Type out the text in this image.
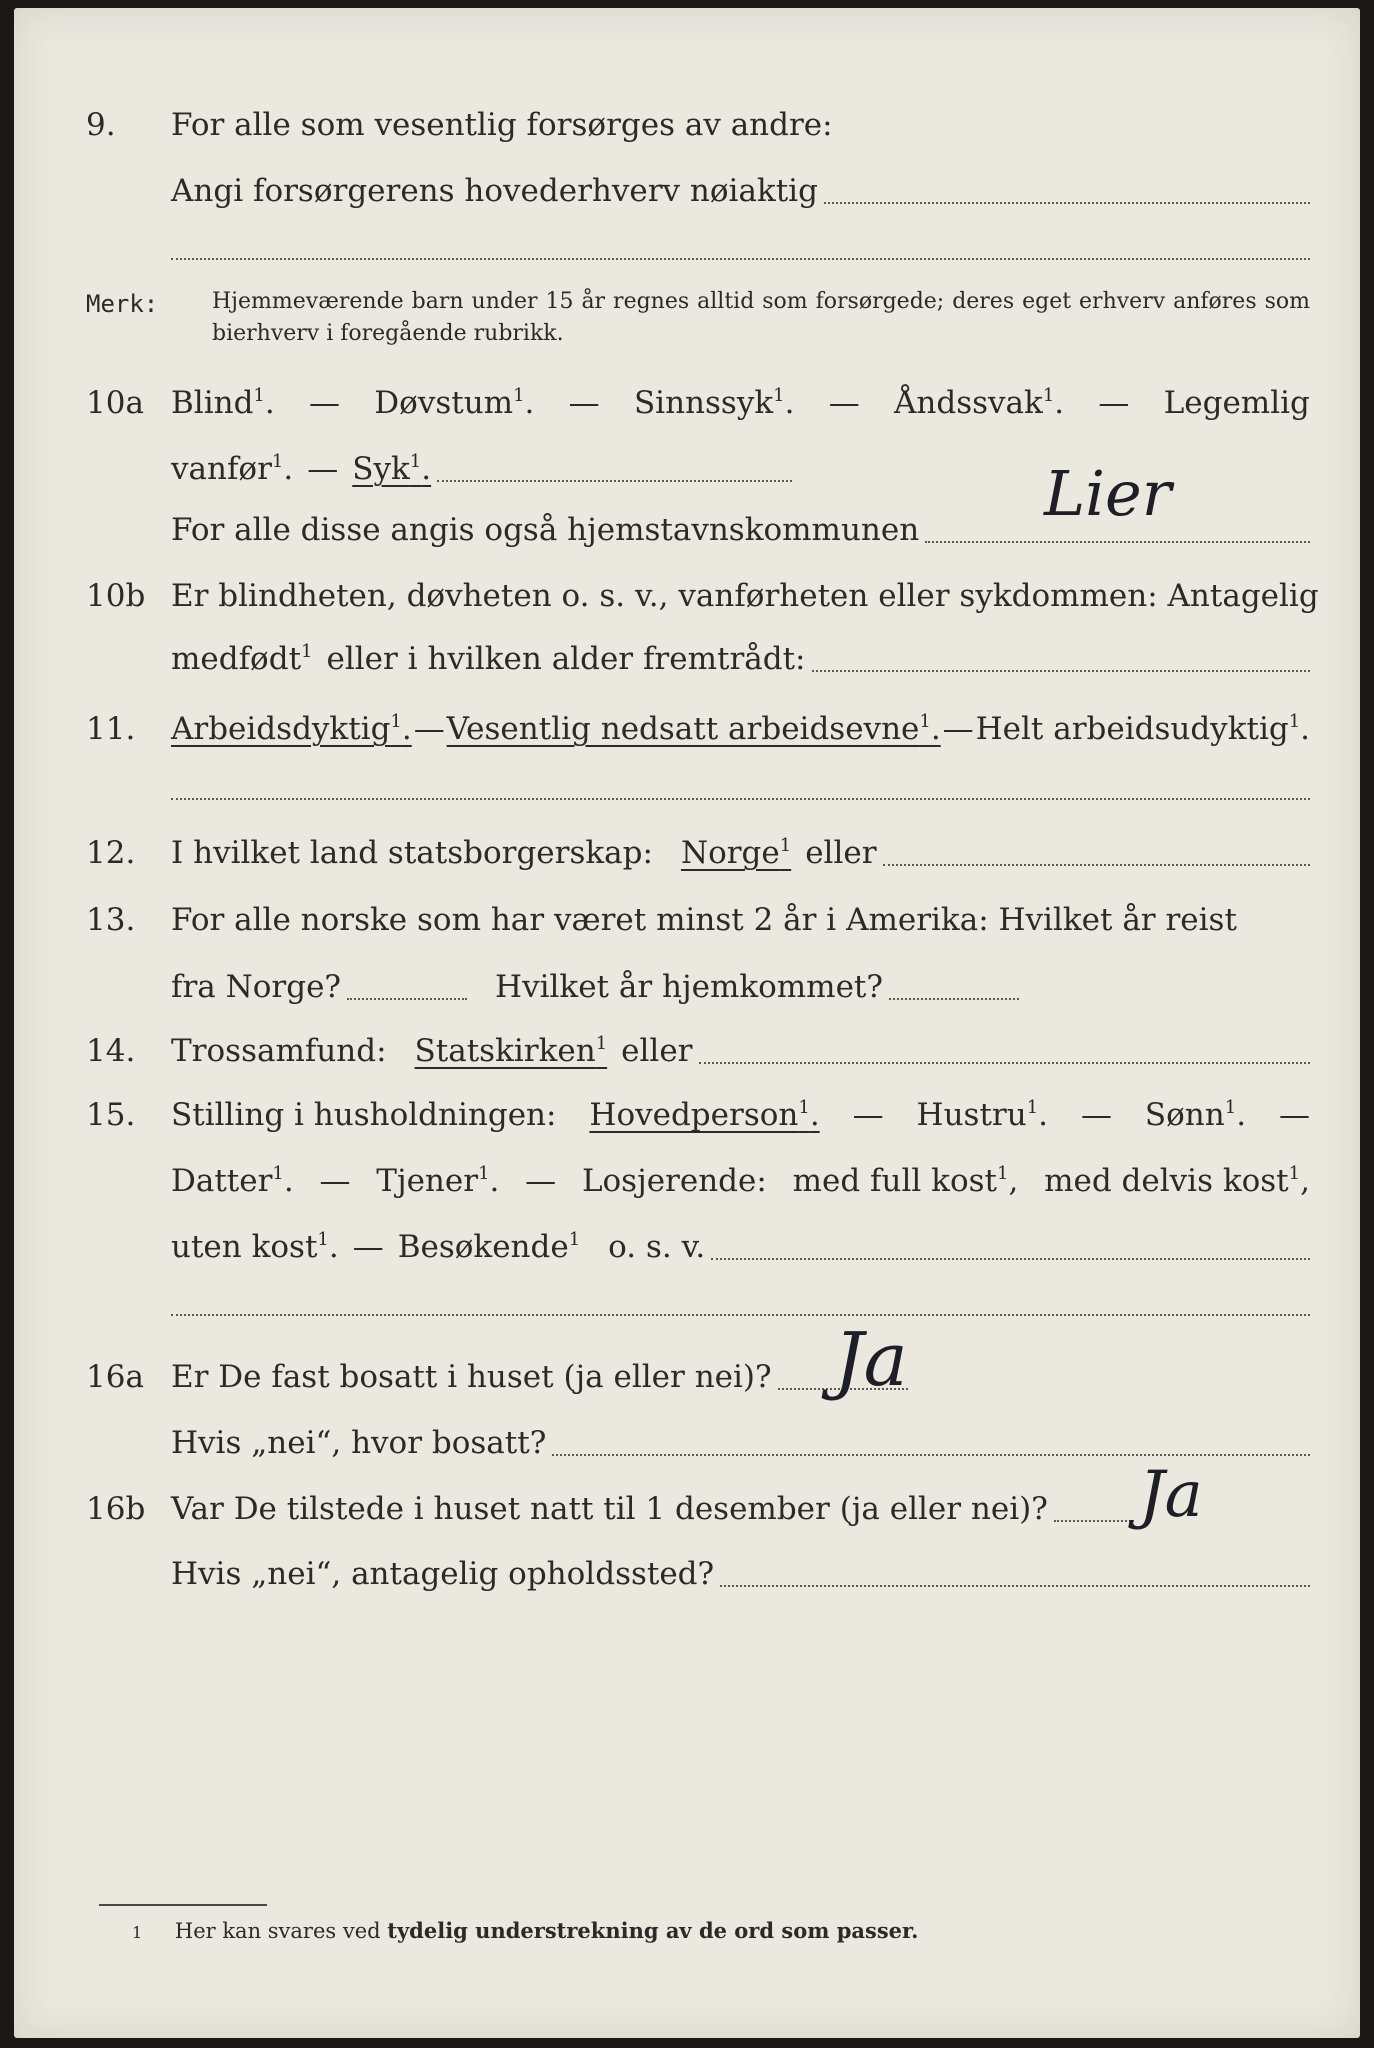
9. For alle som vesentlig forsørges av andre:
Angi forsørgerens hovederhverv nøiaktig
Merk: Hjemmeværende barn under 15 år regnes alltid som forsørgede; deres eget erhverv anføres som bierhverv i foregående rubrikk.
10a Blind$^1$. — Døvstum$^1$. — Sinnssyk$^1$. — Åndssvak$^1$. — Legemlig
vanfør$^1$. — Syk$^1$.
For alle disse angis også hjemstavnskommunen Lier
10b Er blindheten, døvheten o. s. v., vanførheten eller sykdommen: Antagelig
medfødt$^1$ eller i hvilken alder fremtrådt:
11. Arbeidsdyktig$^1$. — Vesentlig nedsatt arbeidsevne$^1$. — Helt arbeidsudyktig$^1$.
12. I hvilket land statsborgerskap: Norge$^1$ eller
13. For alle norske som har været minst 2 år i Amerika: Hvilket år reist
fra Norge?	Hvilket år hjemkommet?
14. Trossamfund: Statskirken$^1$ eller
15. Stilling i husholdningen: Hovedperson$^1$. — Hustru$^1$. — Sønn$^1$. —
Datter$^1$. — Tjener$^1$. — Losjerende: med full kost$^1$, med delvis kost$^1$,
uten kost$^1$. — Besøkende$^1$ o. s. v.
16a Er De fast bosatt i huset (ja eller nei)? Ja
Hvis „nei“, hvor bosatt?
16b Var De tilstede i huset natt til 1 desember (ja eller nei)? Ja
Hvis „nei“, antagelig opholdssted?
1 Her kan svares ved tydelig understrekning av de ord som passer.
